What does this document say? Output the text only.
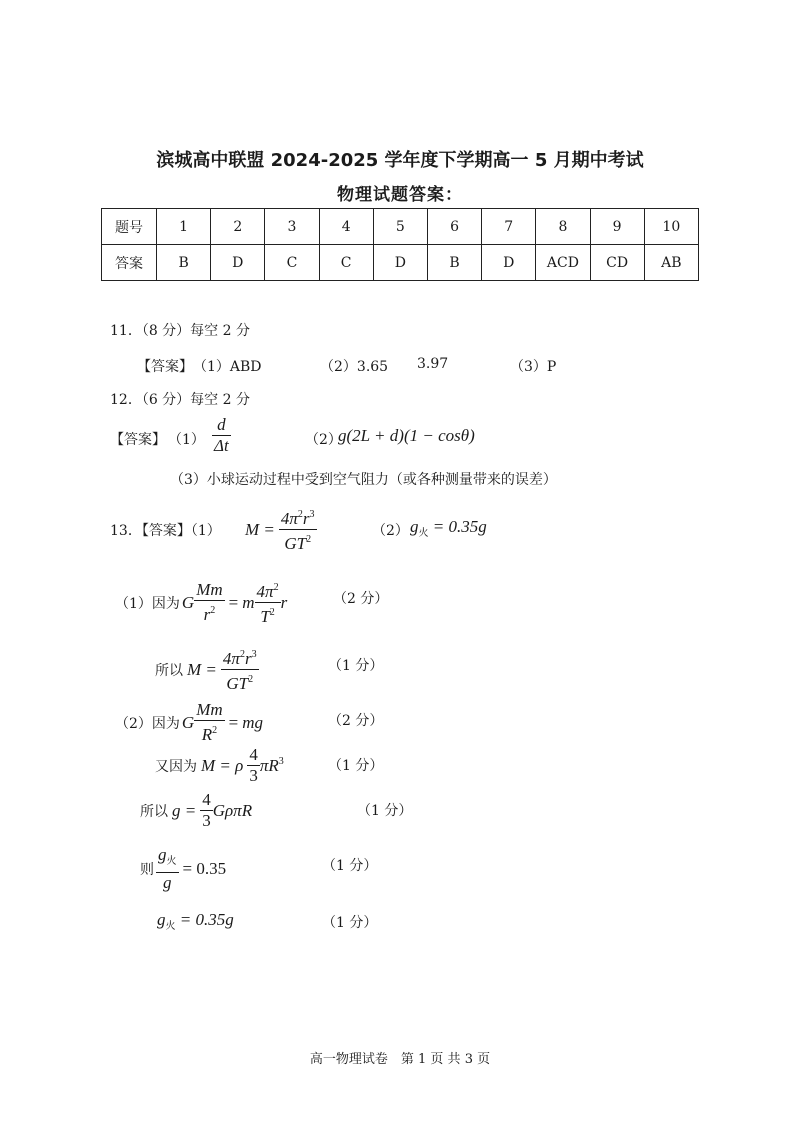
滨城高中联盟 2024-2025 学年度下学期高一 5 月期中考试
物理试题答案：
题号	1	2	3	4	5	6	7	8	9	10
答案	B	D	C	C	D	B	D	ACD	CD	AB
11．（8 分）每空 2 分
【答案】 （1）ABD	（2）3.65 3.97	（3）P
12．（6 分）每空 2 分
【答案】 $(1) \frac{d}{\Delta t}$	（2）
g(2L + d)(1 − cosθ)
（3）小球运动过程中受到空气阻力（或各种测量带来的误差）
13．【答案】（1） $M = \frac{4\pi^2r^3}{GT^2}$	（2） $g_火 = 0.35g$
（1）因为 G $\frac{Mm}{r^2} = m \frac{4\pi^2}{T^2}$ r	（2 分）
所以 $M = \frac{4\pi^2r^3}{GT^2}$	（1 分）
（2）因为 G $\frac{Mm}{R^2}$ = mg	（2 分）
又因为 M = ρ $\frac{4}{3} \pi R^3$	（1 分）
所以 $g = \frac{4}{3}$ GρπR	（1 分）
则 $\frac{g_火}{g} = 0.35$	（1 分）
$g_火 = 0.35g$	（1 分）
高一物理试卷　第 1 页 共 3 页
